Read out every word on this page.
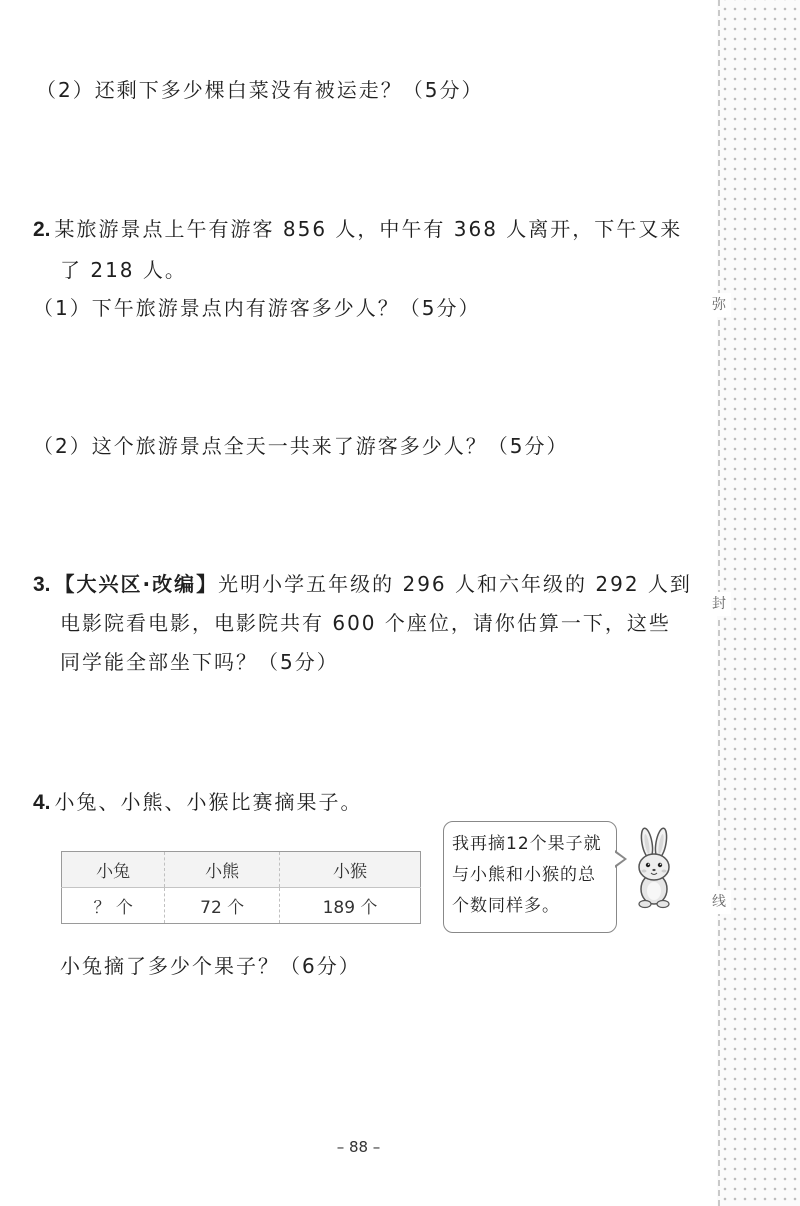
弥
封
线
（2）还剩下多少棵白菜没有被运走？（5分）
2. 某旅游景点上午有游客 856 人，中午有 368 人离开，下午又来
了 218 人。
（1）下午旅游景点内有游客多少人？（5分）
（2）这个旅游景点全天一共来了游客多少人？（5分）
3. 【大兴区·改编】光明小学五年级的 296 人和六年级的 292 人到
电影院看电影，电影院共有 600 个座位，请你估算一下，这些
同学能全部坐下吗？（5分）
4. 小兔、小熊、小猴比赛摘果子。
小兔	小熊	小猴
？ 个	72 个	189 个
我再摘12个果子就
与小熊和小猴的总
个数同样多。
小兔摘了多少个果子？（6分）
– 88 –
